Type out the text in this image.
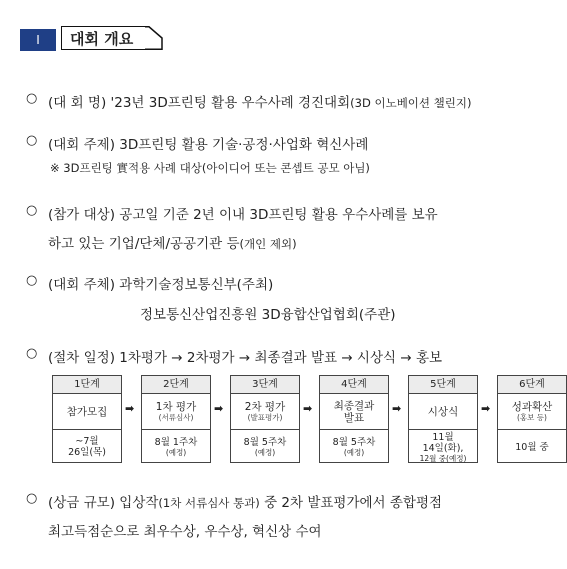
I	대회 개요
○ (대 회 명) '23년 3D프린팅 활용 우수사례 경진대회(3D 이노베이션 챌린지)
○ (대회 주제) 3D프린팅 활용 기술·공정·사업화 혁신사례
※ 3D프린팅 實적용 사례 대상(아이디어 또는 콘셉트 공모 아님)
○ (참가 대상) 공고일 기준 2년 이내 3D프린팅 활용 우수사례를 보유
하고 있는 기업/단체/공공기관 등(개인 제외)
○ (대회 주체) 과학기술정보통신부(주최)
정보통신산업진흥원 3D융합산업협회(주관)
○ (절차 일정) 1차평가 → 2차평가 → 최종결과 발표 → 시상식 → 홍보
1단계
참가모집
~7월
26일(목)
➡
2단계
1차 평가
(서류심사)
8월 1주차
(예정)
➡
3단계
2차 평가
(발표평가)
8월 5주차
(예정)
➡
4단계
최종결과
발표
8월 5주차
(예정)
➡
5단계
시상식
11월
14일(화),
12월 중(예정)
○ (상금 규모) 입상작(1차 서류심사 통과) 중 2차 발표평가에서 종합평점
최고득점순으로 최우수상, 우수상, 혁신상 수여
6단계
성과확산
(홍보 등)
10월 중
➡
